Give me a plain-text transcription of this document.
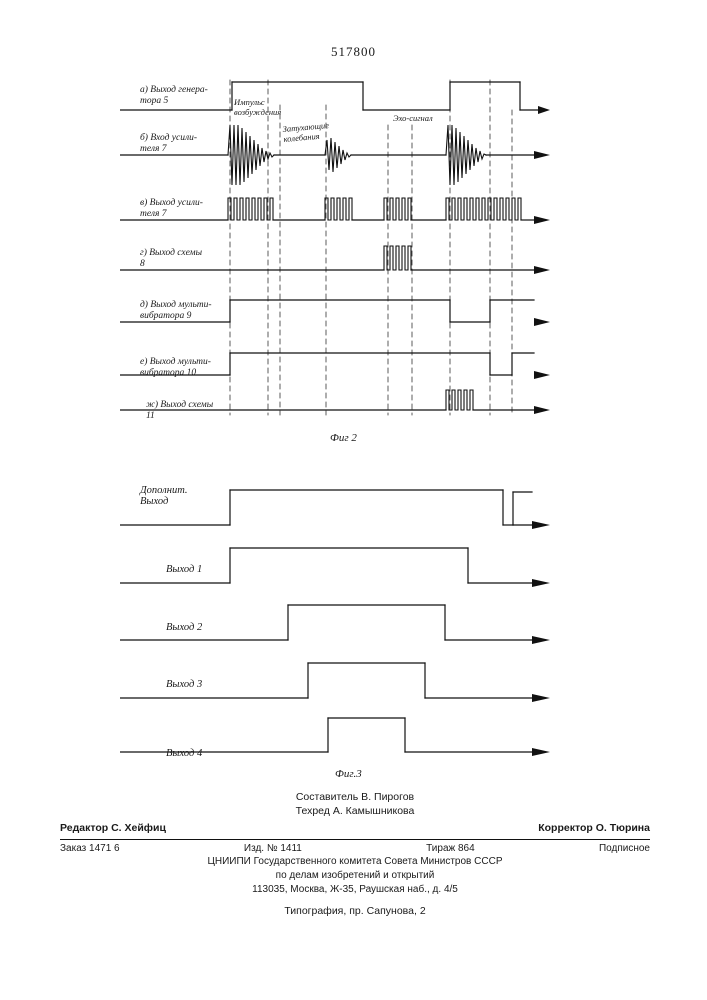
517800
а) Выход генера-
тора 5
б) Вход усили-
теля 7
в) Выход усили-
теля 7
г) Выход схемы
8
д) Выход мульти-
вибратора 9
е) Выход мульти-
вибратора 10
ж) Выход схемы
11
Импульс
возбуждения
Затухающие
колебания
Эхо-сигнал
Фиг 2
Дополнит.
Выход
Выход 1
Выход 2
Выход 3
Выход 4
Фиг.3
Составитель В. Пирогов
Техред А. Камышникова
Редактор С. Хейфиц	Корректор О. Тюрина
Заказ 1471 6	Изд. № 1411	Тираж 864	Подписное
ЦНИИПИ Государственного комитета Совета Министров СССР
по делам изобретений и открытий
113035, Москва, Ж-35, Раушская наб., д. 4/5
Типография, пр. Сапунова, 2
